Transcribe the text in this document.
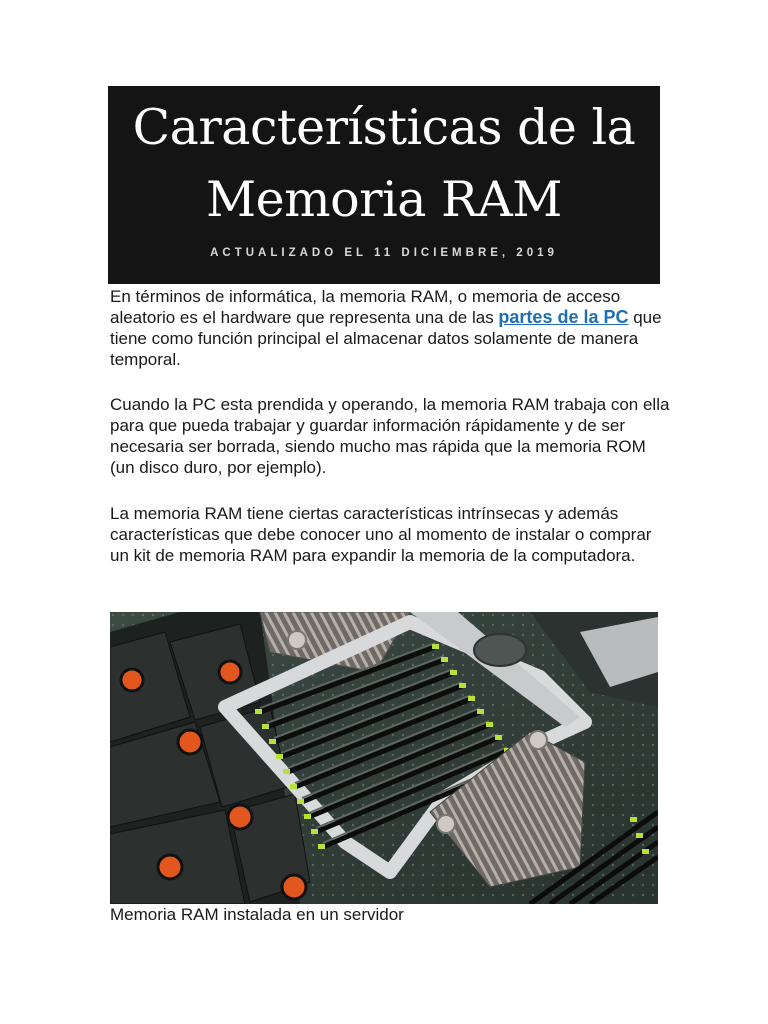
Características de la
Memoria RAM
ACTUALIZADO EL 11 DICIEMBRE, 2019

En términos de informática, la memoria RAM, o memoria de acceso aleatorio es el hardware que representa una de las partes de la PC que tiene como función principal el almacenar datos solamente de manera temporal.

Cuando la PC esta prendida y operando, la memoria RAM trabaja con ella para que pueda trabajar y guardar información rápidamente y de ser necesaria ser borrada, siendo mucho mas rápida que la memoria ROM (un disco duro, por ejemplo).

La memoria RAM tiene ciertas características intrínsecas y además características que debe conocer uno al momento de instalar o comprar un kit de memoria RAM para expandir la memoria de la computadora.

Memoria RAM instalada en un servidor
